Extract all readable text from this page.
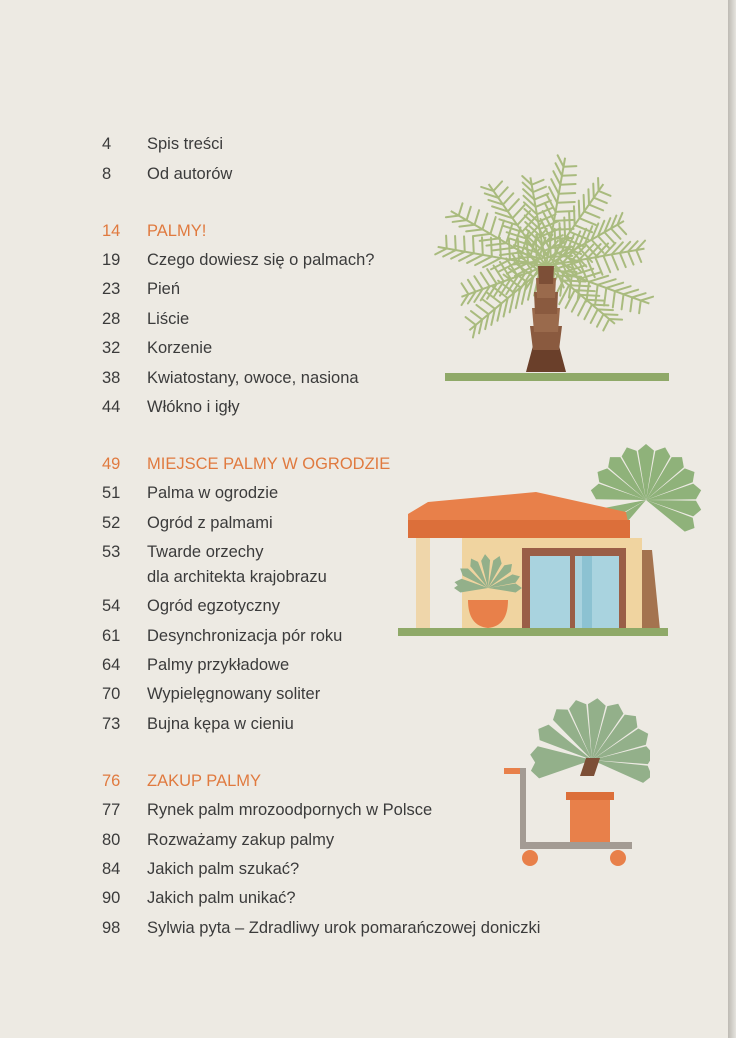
4	Spis treści
8	Od autorów
14	PALMY!
19	Czego dowiesz się o palmach?
23	Pień
28	Liście
32	Korzenie
38	Kwiatostany, owoce, nasiona
44	Włókno i igły
49	MIEJSCE PALMY W OGRODZIE
51	Palma w ogrodzie
52	Ogród z palmami
53	Twarde orzechy
dla architekta krajobrazu
54	Ogród egzotyczny
61	Desynchronizacja pór roku
64	Palmy przykładowe
70	Wypielęgnowany soliter
73	Bujna kępa w cieniu
76	ZAKUP PALMY
77	Rynek palm mrozoodpornych w Polsce
80	Rozważamy zakup palmy
84	Jakich palm szukać?
90	Jakich palm unikać?
98	Sylwia pyta – Zdradliwy urok pomarańczowej doniczki
